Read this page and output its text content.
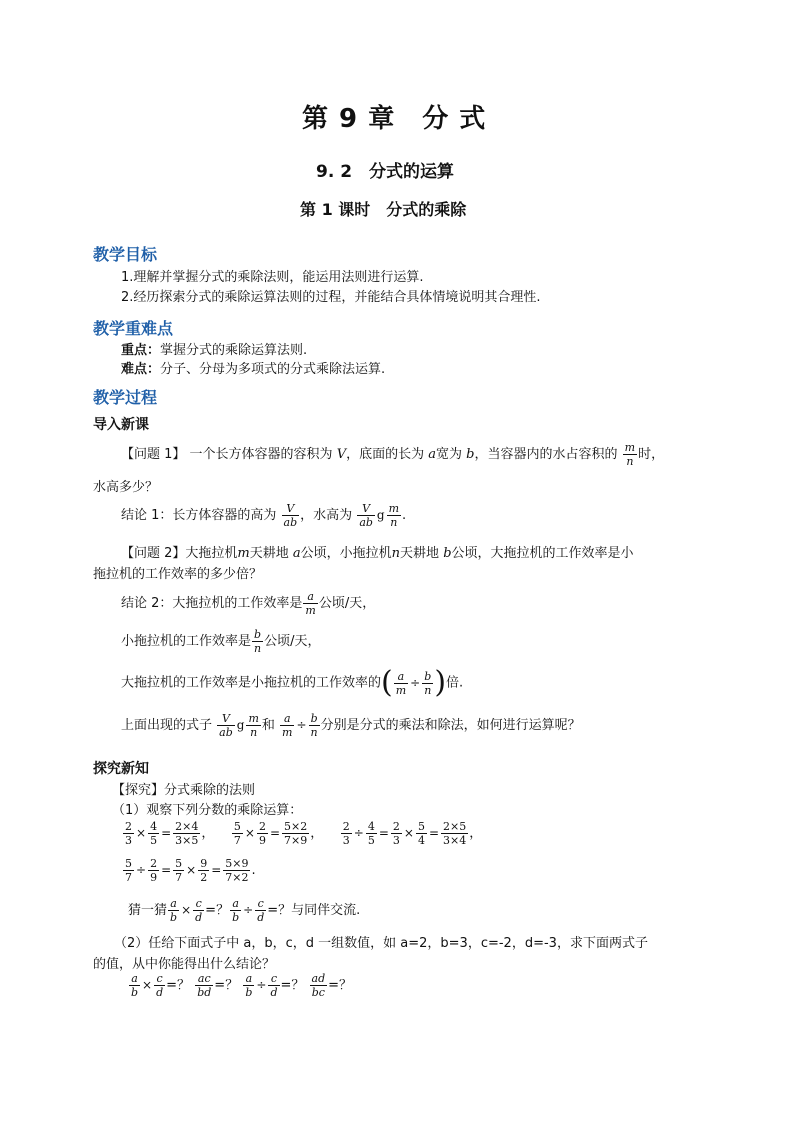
第 9 章　分 式
9. 2　分式的运算
第 1 课时　分式的乘除
教学目标
1.理解并掌握分式的乘除法则，能运用法则进行运算.
2.经历探索分式的乘除运算法则的过程，并能结合具体情境说明其合理性.
教学重难点
重点：掌握分式的乘除运算法则.
难点：分子、分母为多项式的分式乘除法运算.
教学过程
导入新课
【问题 1】 一个长方体容器的容积为 V，底面的长为 a宽为 b，当容器内的水占容积的 $\frac{m}{n}$ 时，
水高多少？
结论 1：长方体容器的高为 $\frac{V}{ab}$ ，水高为 $\frac{V}{ab}$ g $\frac{m}{n}$ .
【问题 2】大拖拉机m天耕地 a公顷，小拖拉机n天耕地 b公顷，大拖拉机的工作效率是小
拖拉机的工作效率的多少倍？
结论 2：大拖拉机的工作效率是 $\frac{a}{m}$ 公顷/天，
小拖拉机的工作效率是 $\frac{b}{n}$ 公顷/天，
大拖拉机的工作效率是小拖拉机的工作效率的( $\frac{a}{m} \div \frac{b}{n}$ )倍.
上面出现的式子 $\frac{V}{ab}$ g $\frac{m}{n}$ 和 $\frac{a}{m} \div \frac{b}{n}$ 分别是分式的乘法和除法，如何进行运算呢？
探究新知
【探究】分式乘除的法则
（1）观察下列分数的乘除运算：
$\frac{2}{3} \times \frac{4}{5} = \frac{2\times 4}{3\times 5}$ ， $\frac{5}{7} \times \frac{2}{9} = \frac{5\times 2}{7\times 9}$ ， $\frac{2}{3} \div \frac{4}{5} = \frac{2}{3} \times \frac{5}{4} = \frac{2\times 5}{3\times 4}$ ，
$\frac{5}{7} \div \frac{2}{9} = \frac{5}{7} \times \frac{9}{2} = \frac{5\times 9}{7\times 2}$ .
猜一猜 $\frac{a}{b} \times \frac{c}{d}$ =？ $\frac{a}{b} \div \frac{c}{d}$ =？与同伴交流.
（2）任给下面式子中 a，b，c，d 一组数值，如 a=2，b=3，c=-2，d=-3，求下面两式子
的值，从中你能得出什么结论？
$\frac{a}{b} \times \frac{c}{d}$ =？ $\frac{ac}{bd}$ =？ $\frac{a}{b} \div \frac{c}{d}$ =？ $\frac{ad}{bc}$ =？
